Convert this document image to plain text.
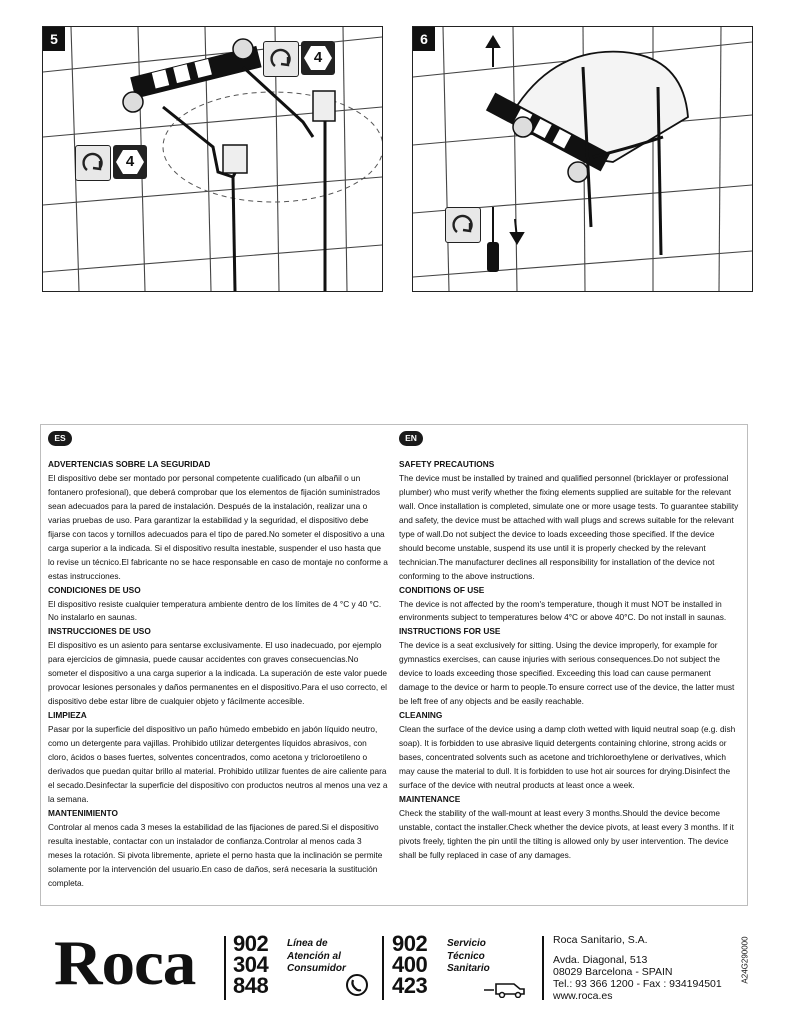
5
4
4
6
ES
ADVERTENCIAS SOBRE LA SEGURIDAD

El dispositivo debe ser montado por personal competente cualificado (un albañil o un fontanero profesional), que deberá comprobar que los elementos de fijación suministrados sean adecuados para la pared de instalación. Después de la instalación, realizar una o varias pruebas de uso. Para garantizar la estabilidad y la seguridad, el dispositivo debe fijarse con tacos y tornillos adecuados para el tipo de pared.No someter el dispositivo a una carga superior a la indicada. Si el dispositivo resulta inestable, suspender el uso hasta que lo revise un técnico.El fabricante no se hace responsable en caso de montaje no conforme a estas instrucciones.

CONDICIONES DE USO

El dispositivo resiste cualquier temperatura ambiente dentro de los límites de 4 °C y 40 °C. No instalarlo en saunas.

INSTRUCCIONES DE USO

El dispositivo es un asiento para sentarse exclusivamente. El uso inadecuado, por ejemplo para ejercicios de gimnasia, puede causar accidentes con graves consecuencias.No someter el dispositivo a una carga superior a la indicada. La superación de este valor puede provocar lesiones personales y daños permanentes en el dispositivo.Para el uso correcto, el dispositivo debe estar libre de cualquier objeto y fácilmente accesible.

LIMPIEZA

Pasar por la superficie del dispositivo un paño húmedo embebido en jabón líquido neutro, como un detergente para vajillas. Prohibido utilizar detergentes líquidos abrasivos, con cloro, ácidos o bases fuertes, solventes concentrados, como acetona y tricloroetileno o derivados que puedan quitar brillo al material. Prohibido utilizar fuentes de aire caliente para el secado.Desinfectar la superficie del dispositivo con productos neutros al menos una vez a la semana.

MANTENIMIENTO

Controlar al menos cada 3 meses la estabilidad de las fijaciones de pared.Si el dispositivo resulta inestable, contactar con un instalador de confianza.Controlar al menos cada 3 meses la rotación. Si pivota libremente, apriete el perno hasta que la inclinación se permite solamente por la intervención del usuario.En caso de daños, será necesaria la sustitución completa.

EN
SAFETY PRECAUTIONS

The device must be installed by trained and qualified personnel (bricklayer or professional plumber) who must verify whether the fixing elements supplied are suitable for the relevant wall. Once installation is completed, simulate one or more usage tests. To guarantee stability and safety, the device must be attached with wall plugs and screws suitable for the relevant type of wall.Do not subject the device to loads exceeding those specified. If the device should become unstable, suspend its use until it is properly checked by the relevant technician.The manufacturer declines all responsibility for installation of the device not conforming to the above instructions.

CONDITIONS OF USE

The device is not affected by the room's temperature, though it must NOT be installed in environments subject to temperatures below 4°C or above 40°C. Do not install in saunas.

INSTRUCTIONS FOR USE

The device is a seat exclusively for sitting. Using the device improperly, for example for gymnastics exercises, can cause injuries with serious consequences.Do not subject the device to loads exceeding those specified. Exceeding this load can cause permanent damage to the device or harm to people.To ensure correct use of the device, the latter must be left free of any objects and be easily reachable.

CLEANING

Clean the surface of the device using a damp cloth wetted with liquid neutral soap (e.g. dish soap). It is forbidden to use abrasive liquid detergents containing chlorine, strong acids or bases, concentrated solvents such as acetone and trichloroethylene or derivatives, which may cause the material to dull. It is forbidden to use hot air sources for drying.Disinfect the surface of the device with neutral products at least once a week.

MAINTENANCE

Check the stability of the wall-mount at least every 3 months.Should the device become unstable, contact the installer.Check whether the device pivots, at least every 3 months. If it pivots freely, tighten the pin until the tilting is allowed only by user intervention. The device shall be fully replaced in case of any damages.

Roca	902
304
848
Línea de
Atención al
Consumidor
902
400
423
Servicio
Técnico
Sanitario
Roca Sanitario, S.A.
Avda. Diagonal, 513
08029 Barcelona - SPAIN
Tel.: 93 366 1200 - Fax : 934194501
www.roca.es
A24G290000
